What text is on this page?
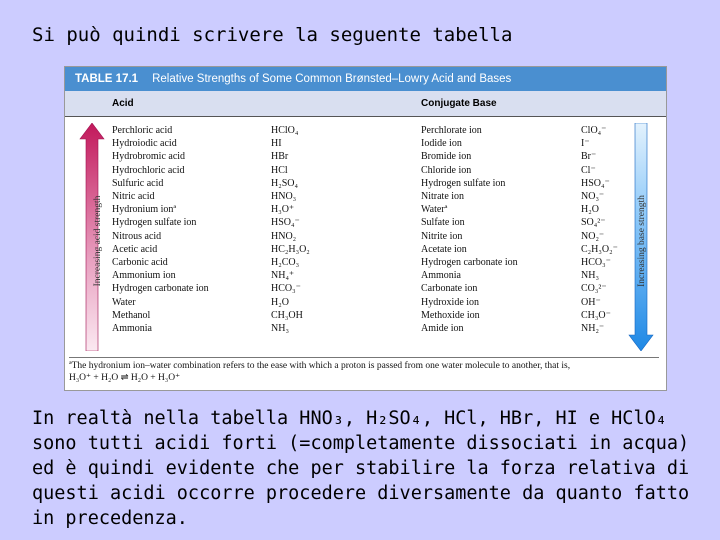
Si può quindi scrivere la seguente tabella
TABLE 17.1 Relative Strengths of Some Common Brønsted–Lowry Acid and Bases
Acid	Conjugate Base
Increasing acid strength	Increasing base strength
Perchloric acid	HClO₄	Perchlorate ion	ClO₄⁻
Hydroiodic acid	HI	Iodide ion	I⁻
Hydrobromic acid	HBr	Bromide ion	Br⁻
Hydrochloric acid	HCl	Chloride ion	Cl⁻
Sulfuric acid	H₂SO₄	Hydrogen sulfate ion	HSO₄⁻
Nitric acid	HNO₃	Nitrate ion	NO₃⁻
Hydronium ionª	H₃O⁺	Waterª	H₂O
Hydrogen sulfate ion	HSO₄⁻	Sulfate ion	SO₄²⁻
Nitrous acid	HNO₂	Nitrite ion	NO₂⁻
Acetic acid	HC₂H₃O₂	Acetate ion	C₂H₃O₂⁻
Carbonic acid	H₂CO₃	Hydrogen carbonate ion	HCO₃⁻
Ammonium ion	NH₄⁺	Ammonia	NH₃
Hydrogen carbonate ion	HCO₃⁻	Carbonate ion	CO₃²⁻
Water	H₂O	Hydroxide ion	OH⁻
Methanol	CH₃OH	Methoxide ion	CH₃O⁻
Ammonia	NH₃	Amide ion	NH₂⁻
ªThe hydronium ion–water combination refers to the ease with which a proton is passed from one water molecule to another, that is,
H₃O⁺ + H₂O ⇌ H₂O + H₃O⁺
In realtà nella tabella HNO₃, H₂SO₄, HCl, HBr, HI e HClO₄ sono tutti acidi forti (=completamente dissociati in acqua) ed è quindi evidente che per stabilire la forza relativa di questi acidi occorre procedere diversamente da quanto fatto in precedenza.
